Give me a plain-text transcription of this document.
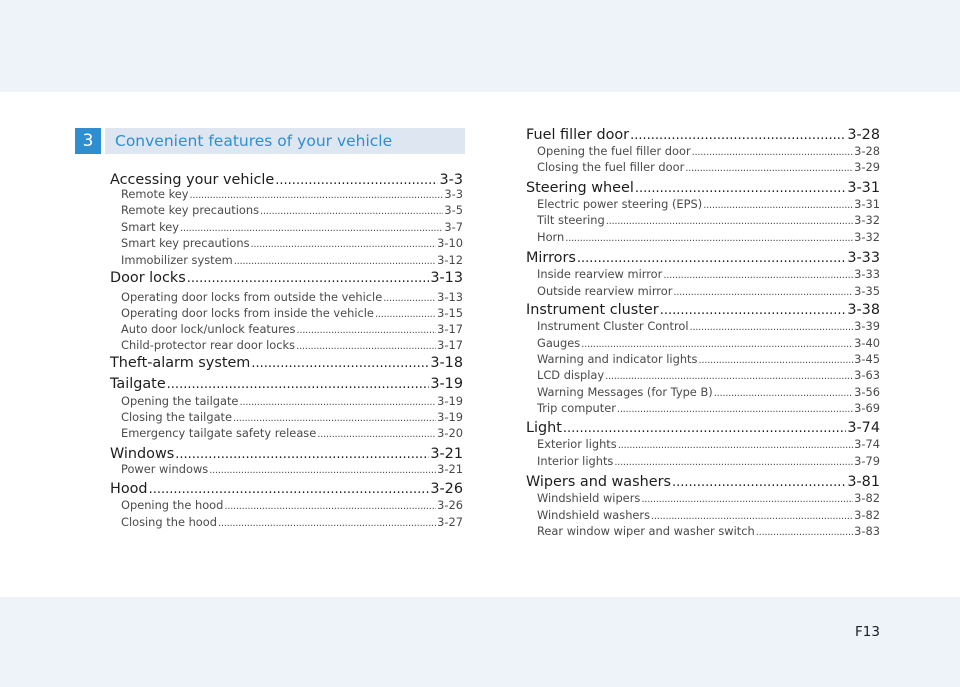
3	Convenient features of your vehicle
Accessing your vehicle .....	3-3
Remote key .....	3-3
Remote key precautions .....	3-5
Smart key .....	3-7
Smart key precautions .....	3-10
Immobilizer system .....	3-12
Door locks .....	3-13
Operating door locks from outside the vehicle .....	3-13
Operating door locks from inside the vehicle .....	3-15
Auto door lock/unlock features .....	3-17
Child-protector rear door locks .....	3-17
Theft-alarm system .....	3-18
Tailgate .....	3-19
Opening the tailgate .....	3-19
Closing the tailgate .....	3-19
Emergency tailgate safety release .....	3-20
Windows .....	3-21
Power windows .....	3-21
Hood .....	3-26
Opening the hood .....	3-26
Closing the hood .....	3-27
Fuel filler door .....	3-28
Opening the fuel filler door .....	3-28
Closing the fuel filler door .....	3-29
Steering wheel .....	3-31
Electric power steering (EPS) .....	3-31
Tilt steering .....	3-32
Horn .....	3-32
Mirrors .....	3-33
Inside rearview mirror .....	3-33
Outside rearview mirror .....	3-35
Instrument cluster .....	3-38
Instrument Cluster Control .....	3-39
Gauges .....	3-40
Warning and indicator lights .....	3-45
LCD display .....	3-63
Warning Messages (for Type B) .....	3-56
Trip computer .....	3-69
Light .....	3-74
Exterior lights .....	3-74
Interior lights .....	3-79
Wipers and washers .....	3-81
Windshield wipers .....	3-82
Windshield washers .....	3-82
Rear window wiper and washer switch .....	3-83
F13
